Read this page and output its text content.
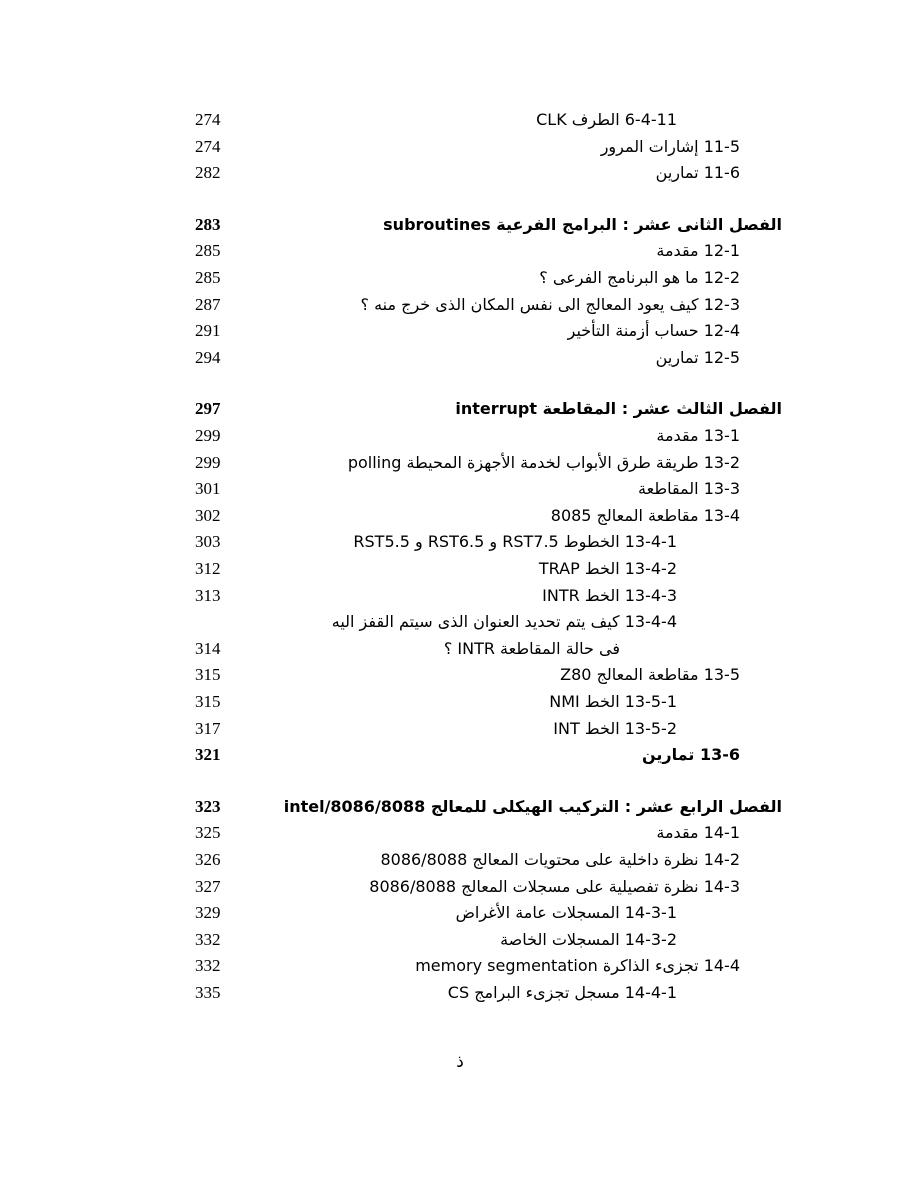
274	6-4-11 الطرف CLK
274	11-5 إشارات المرور
282	11-6 تمارين
283	الفصل الثانى عشر : البرامج الفرعية subroutines
285	12-1 مقدمة
285	12-2 ما هو البرنامج الفرعى ؟
287	12-3 كيف يعود المعالج الى نفس المكان الذى خرج منه ؟
291	12-4 حساب أزمنة التأخير
294	12-5 تمارين
297	الفصل الثالث عشر : المقاطعة interrupt
299	13-1 مقدمة
299	13-2 طريقة طرق الأبواب لخدمة الأجهزة المحيطة polling
301	13-3 المقاطعة
302	13-4 مقاطعة المعالج 8085
303	13-4-1 الخطوط RST7.5 و RST6.5 و RST5.5
312	13-4-2 الخط TRAP
313	13-4-3 الخط INTR
13-4-4 كيف يتم تحديد العنوان الذى سيتم القفز اليه
314	فى حالة المقاطعة INTR ؟
315	13-5 مقاطعة المعالج Z80
315	13-5-1 الخط NMI
317	13-5-2 الخط INT
321	13-6 تمارين
323	الفصل الرابع عشر : التركيب الهيكلى للمعالج intel/8086/8088
325	14-1 مقدمة
326	14-2 نظرة داخلية على محتويات المعالج 8086/8088
327	14-3 نظرة تفصيلية على مسجلات المعالج 8086/8088
329	14-3-1 المسجلات عامة الأغراض
332	14-3-2 المسجلات الخاصة
332	14-4 تجزىء الذاكرة memory segmentation
335	14-4-1 مسجل تجزىء البرامج CS
ذ
